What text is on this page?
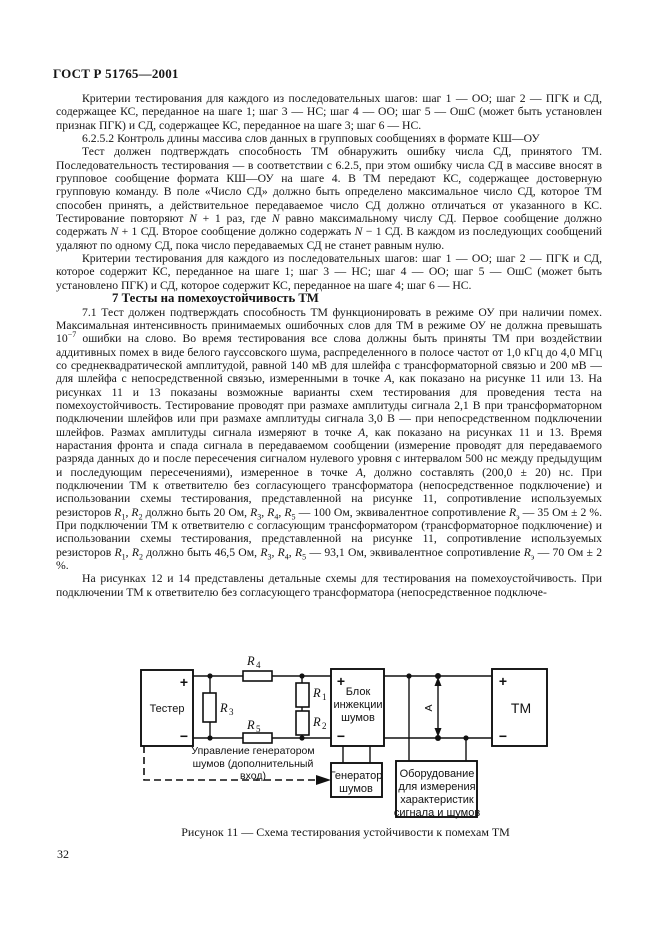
ГОСТ Р 51765—2001

Критерии тестирования для каждого из последовательных шагов: шаг 1 — ОО; шаг 2 — ПГК и СД, содержащее КС, переданное на шаге 1; шаг 3 — НС; шаг 4 — ОО; шаг 5 — ОшС (может быть установлен признак ПГК) и СД, содержащее КС, переданное на шаге 3; шаг 6 — НС.

6.2.5.2 Контроль длины массива слов данных в групповых сообщениях в формате КШ—ОУ

Тест должен подтверждать способность ТМ обнаружить ошибку числа СД, принятого ТМ. Последовательность тестирования — в соответствии с 6.2.5, при этом ошибку числа СД в массиве вносят в групповое сообщение формата КШ—ОУ на шаге 4. В ТМ передают КС, содержащее достоверную групповую команду. В поле «Число СД» должно быть определено максимальное число СД, которое ТМ способен принять, а действительное передаваемое число СД должно отличаться от указанного в КС. Тестирование повторяют N + 1 раз, где N равно максимальному числу СД. Первое сообщение должно содержать N + 1 СД. Второе сообщение должно содержать N − 1 СД. В каждом из последующих сообщений удаляют по одному СД, пока число передаваемых СД не станет равным нулю.

Критерии тестирования для каждого из последовательных шагов: шаг 1 — ОО; шаг 2 — ПГК и СД, которое содержит КС, переданное на шаге 1; шаг 3 — НС; шаг 4 — ОО; шаг 5 — ОшС (может быть установлено ПГК) и СД, которое содержит КС, переданное на шаге 4; шаг 6 — НС.

7 Тесты на помехоустойчивость ТМ

7.1 Тест должен подтверждать способность ТМ функционировать в режиме ОУ при наличии помех. Максимальная интенсивность принимаемых ошибочных слов для ТМ в режиме ОУ не должна превышать $10^{-7}$ ошибки на слово. Во время тестирования все слова должны быть приняты ТМ при воздействии аддитивных помех в виде белого гауссовского шума, распределенного в полосе частот от 1,0 кГц до 4,0 МГц со среднеквадратической амплитудой, равной 140 мВ для шлейфа с трансформаторной связью и 200 мВ — для шлейфа с непосредственной связью, измеренными в точке А, как показано на рисунке 11 или 13. На рисунках 11 и 13 показаны возможные варианты схем тестирования для проведения теста на помехоустойчивость. Тестирование проводят при размахе амплитуды сигнала 2,1 В при трансформаторном подключении шлейфов или при размахе амплитуды сигнала 3,0 В — при непосредственном подключении шлейфов. Размах амплитуды сигнала измеряют в точке А, как показано на рисунках 11 и 13. Время нарастания фронта и спада сигнала в передаваемом сообщении (измерение проводят для передаваемого разряда данных до и после пересечения сигналом нулевого уровня с интервалом 500 нс между предыдущим и последующим пересечениями), измеренное в точке А, должно составлять (200,0 ± 20) нс. При подключении ТМ к ответвителю без согласующего трансформатора (непосредственное подключение) и использовании схемы тестирования, представленной на рисунке 11, сопротивление используемых резисторов $R_1$, $R_2$ должно быть 20 Ом, $R_3$, $R_4$, $R_5$ — 100 Ом, эквивалентное сопротивление $R_э$ — 35 Ом ± 2 %. При подключении ТМ к ответвителю с согласующим трансформатором (трансформаторное подключение) и использовании схемы тестирования, представленной на рисунке 11, сопротивление используемых резисторов $R_1$, $R_2$ должно быть 46,5 Ом, $R_3$, $R_4$, $R_5$ — 93,1 Ом, эквивалентное сопротивление $R_э$ — 70 Ом ± 2 %.

На рисунках 12 и 14 представлены детальные схемы для тестирования на помехоустойчивость. При подключении ТМ к ответвителю без согласующего трансформатора (непосредственное подключе-

A
+
−
+
−
+
−
Тестер
Блок
инжекции
шумов
ТМ
Генератор
шумов
Оборудование
для измерения
характеристик
сигнала и шумов
Управление генератором
шумов (дополнительный
вход)
R 4
R 5
R 3
R 1
R 2
Рисунок 11 — Схема тестирования устойчивости к помехам ТМ
32
